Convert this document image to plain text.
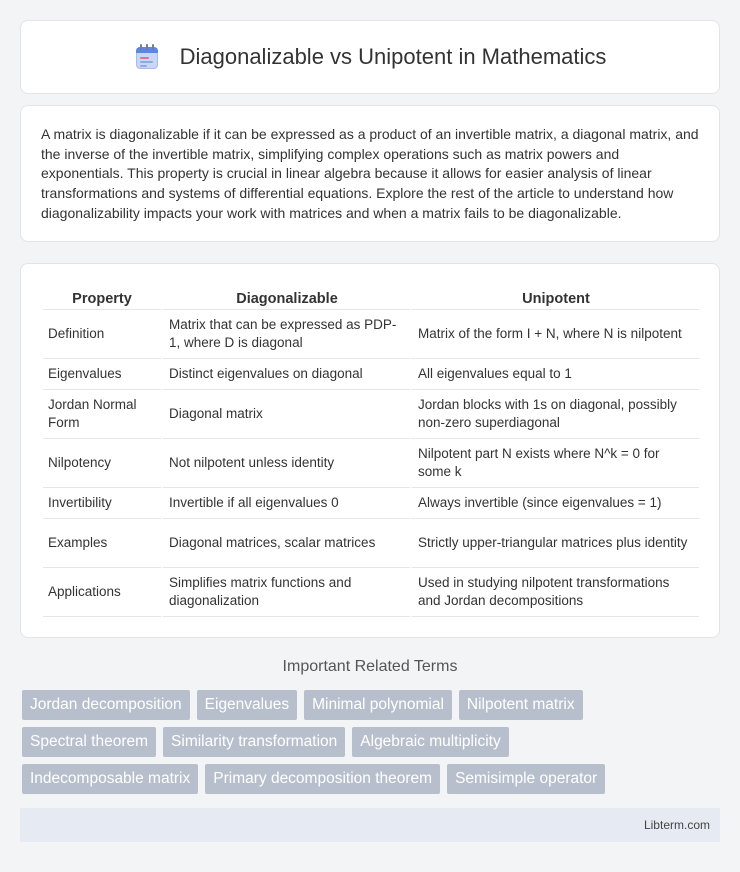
Diagonalizable vs Unipotent in Mathematics

A matrix is diagonalizable if it can be expressed as a product of an invertible matrix, a diagonal matrix, and the inverse of the invertible matrix, simplifying complex operations such as matrix powers and exponentials. This property is crucial in linear algebra because it allows for easier analysis of linear transformations and systems of differential equations. Explore the rest of the article to understand how diagonalizability impacts your work with matrices and when a matrix fails to be diagonalizable.

Property	Diagonalizable	Unipotent
Definition	Matrix that can be expressed as PDP-1, where D is diagonal	Matrix of the form I + N, where N is nilpotent
Eigenvalues	Distinct eigenvalues on diagonal	All eigenvalues equal to 1
Jordan Normal Form	Diagonal matrix	Jordan blocks with 1s on diagonal, possibly non-zero superdiagonal
Nilpotency	Not nilpotent unless identity	Nilpotent part N exists where N^k = 0 for some k
Invertibility	Invertible if all eigenvalues 0	Always invertible (since eigenvalues = 1)
Examples	Diagonal matrices, scalar matrices	Strictly upper-triangular matrices plus identity
Applications	Simplifies matrix functions and diagonalization	Used in studying nilpotent transformations and Jordan decompositions
Important Related Terms
Jordan decomposition	Eigenvalues	Minimal polynomial	Nilpotent matrix
Spectral theorem	Similarity transformation	Algebraic multiplicity
Indecomposable matrix	Primary decomposition theorem	Semisimple operator
Libterm.com
